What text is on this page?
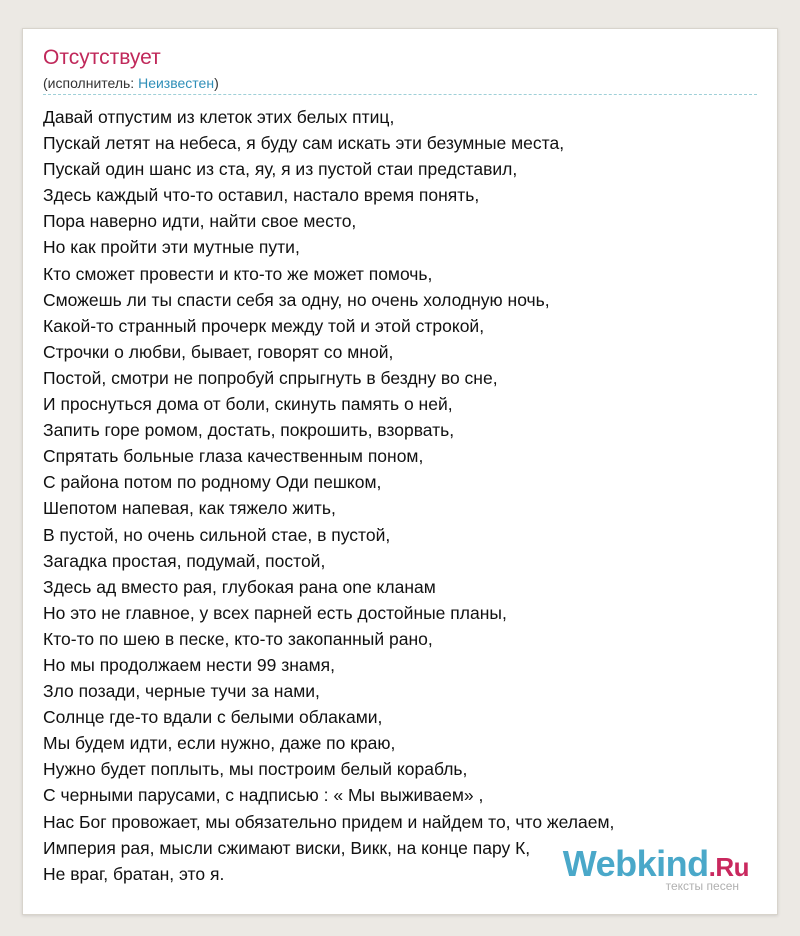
Отсутствует
(исполнитель: Неизвестен)
Давай отпустим из клеток этих белых птиц,
Пускай летят на небеса, я буду сам искать эти безумные места,
Пускай один шанс из ста, яу, я из пустой стаи представил,
Здесь каждый что-то оставил, настало время понять,
Пора наверно идти, найти свое место,
Но как пройти эти мутные пути,
Кто сможет провести и кто-то же может помочь,
Сможешь ли ты спасти себя за одну, но очень холодную ночь,
Какой-то странный прочерк между той и этой строкой,
Строчки о любви, бывает, говорят со мной,
Постой, смотри не попробуй спрыгнуть в бездну во сне,
И проснуться дома от боли, скинуть память о ней,
Запить горе ромом, достать, покрошить, взорвать,
Спрятать больные глаза качественным поном,
С района потом по родному Оди пешком,
Шепотом напевая, как тяжело жить,
В пустой, но очень сильной стае, в пустой,
Загадка простая, подумай, постой,
Здесь ад вместо рая, глубокая рана one кланам
Но это не главное, у всех парней есть достойные планы,
Кто-то по шею в песке, кто-то закопанный рано,
Но мы продолжаем нести 99 знамя,
Зло позади, черные тучи за нами,
Солнце где-то вдали с белыми облаками,
Мы будем идти, если нужно, даже по краю,
Нужно будет поплыть, мы построим белый корабль,
С черными парусами, с надписью : « Мы выживаем» ,
Нас Бог провожает, мы обязательно придем и найдем то, что желаем,
Империя рая, мысли сжимают виски, Викк, на конце пару К,
Не враг, братан, это я.	Webkind.Ru
тексты песен
